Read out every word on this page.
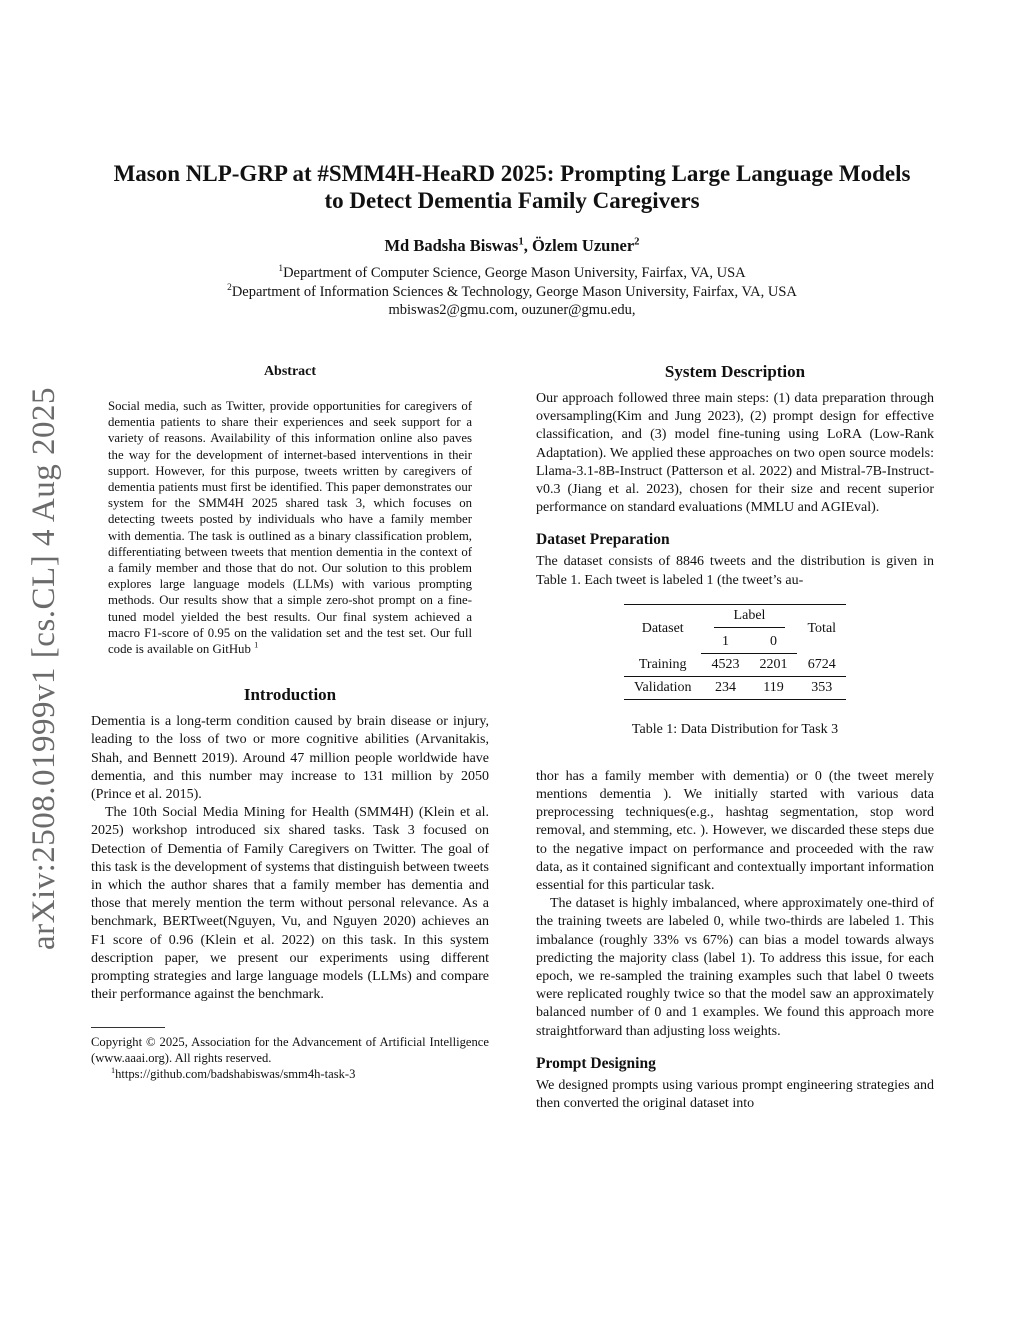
arXiv:2508.01999v1 [cs.CL] 4 Aug 2025
Mason NLP-GRP at #SMM4H-HeaRD 2025: Prompting Large Language Models
to Detect Dementia Family Caregivers
Md Badsha Biswas$^1$, Özlem Uzuner$^2$
$^1$Department of Computer Science, George Mason University, Fairfax, VA, USA
$^2$Department of Information Sciences & Technology, George Mason University, Fairfax, VA, USA
mbiswas2@gmu.com, ouzuner@gmu.edu,
Abstract

Social media, such as Twitter, provide opportunities for caregivers of dementia patients to share their experiences and seek support for a variety of reasons. Availability of this information online also paves the way for the development of internet-based interventions in their support. However, for this purpose, tweets written by caregivers of dementia patients must first be identified. This paper demonstrates our system for the SMM4H 2025 shared task 3, which focuses on detecting tweets posted by individuals who have a family member with dementia. The task is outlined as a binary classification problem, differentiating between tweets that mention dementia in the context of a family member and those that do not. Our solution to this problem explores large language models (LLMs) with various prompting methods. Our results show that a simple zero-shot prompt on a fine-tuned model yielded the best results. Our final system achieved a macro F1-score of 0.95 on the validation set and the test set. Our full code is available on GitHub $^1$

Introduction

Dementia is a long-term condition caused by brain disease or injury, leading to the loss of two or more cognitive abilities (Arvanitakis, Shah, and Bennett 2019). Around 47 million people worldwide have dementia, and this number may increase to 131 million by 2050 (Prince et al. 2015).

The 10th Social Media Mining for Health (SMM4H) (Klein et al. 2025) workshop introduced six shared tasks. Task 3 focused on Detection of Dementia of Family Caregivers on Twitter. The goal of this task is the development of systems that distinguish between tweets in which the author shares that a family member has dementia and those that merely mention the term without personal relevance. As a benchmark, BERTweet(Nguyen, Vu, and Nguyen 2020) achieves an F1 score of 0.96 (Klein et al. 2022) on this task. In this system description paper, we present our experiments using different prompting strategies and large language models (LLMs) and compare their performance against the benchmark.

Copyright © 2025, Association for the Advancement of Artificial Intelligence (www.aaai.org). All rights reserved.

$^1$https://github.com/badshabiswas/smm4h-task-3

System Description

Our approach followed three main steps: (1) data preparation through oversampling(Kim and Jung 2023), (2) prompt design for effective classification, and (3) model fine-tuning using LoRA (Low-Rank Adaptation). We applied these approaches on two open source models: Llama-3.1-8B-Instruct (Patterson et al. 2022) and Mistral-7B-Instruct-v0.3 (Jiang et al. 2023), chosen for their size and recent superior performance on standard evaluations (MMLU and AGIEval).

Dataset Preparation

The dataset consists of 8846 tweets and the distribution is given in Table 1. Each tweet is labeled 1 (the tweet’s au-

Dataset	Label		Total
	1	0	
Training	4523	2201	6724
Validation	234	119	353
Table 1: Data Distribution for Task 3

thor has a family member with dementia) or 0 (the tweet merely mentions dementia ). We initially started with various data preprocessing techniques(e.g., hashtag segmentation, stop word removal, and stemming, etc. ). However, we discarded these steps due to the negative impact on performance and proceeded with the raw data, as it contained significant and contextually important information essential for this particular task.

The dataset is highly imbalanced, where approximately one-third of the training tweets are labeled 0, while two-thirds are labeled 1. This imbalance (roughly 33% vs 67%) can bias a model towards always predicting the majority class (label 1). To address this issue, for each epoch, we re-sampled the training examples such that label 0 tweets were replicated roughly twice so that the model saw an approximately balanced number of 0 and 1 examples. We found this approach more straightforward than adjusting loss weights.

Prompt Designing

We designed prompts using various prompt engineering strategies and then converted the original dataset into
